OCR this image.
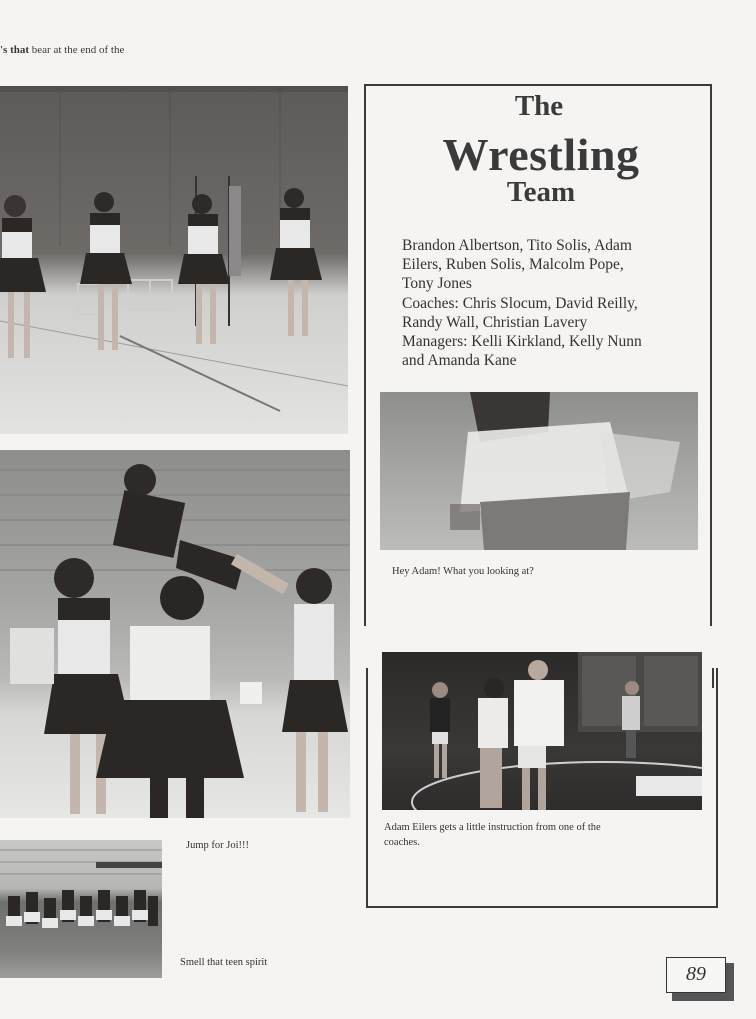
's that bear at the end of the
Jump for Joi!!!
Smell that teen spirit
The
Wrestling
Team
Brandon Albertson, Tito Solis, Adam
Eilers, Ruben Solis, Malcolm Pope,
Tony Jones
Coaches: Chris Slocum, David Reilly,
Randy Wall, Christian Lavery
Managers: Kelli Kirkland, Kelly Nunn
and Amanda Kane
Hey Adam! What you looking at?
Adam Eilers gets a little instruction from one of the
coaches.
89
